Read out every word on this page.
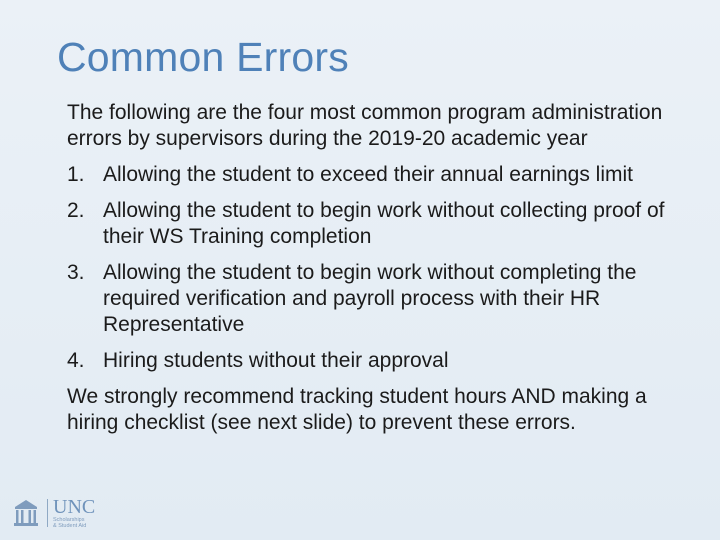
Common Errors

The following are the four most common program administration errors by supervisors during the 2019-20 academic year

1. Allowing the student to exceed their annual earnings limit
2. Allowing the student to begin work without collecting proof of their WS Training completion
3. Allowing the student to begin work without completing the required verification and payroll process with their HR Representative
4. Hiring students without their approval

We strongly recommend tracking student hours AND making a hiring checklist (see next slide) to prevent these errors.

UNC
Scholarships
& Student Aid
